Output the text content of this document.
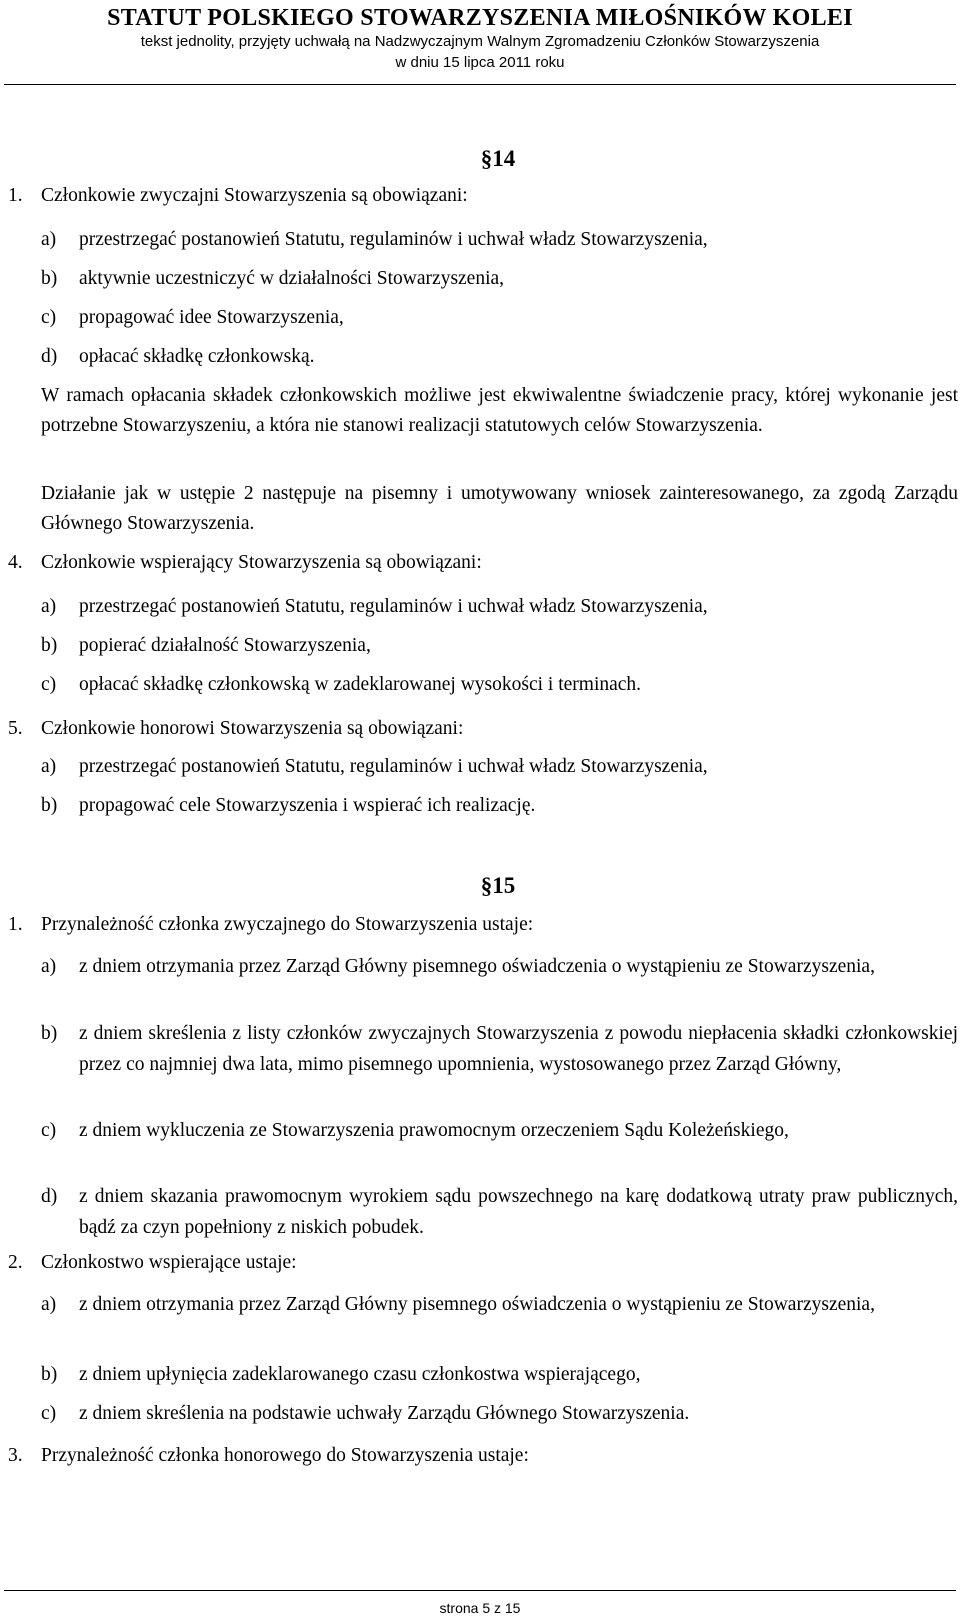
STATUT POLSKIEGO STOWARZYSZENIA MIŁOŚNIKÓW KOLEI
tekst jednolity, przyjęty uchwałą na Nadzwyczajnym Walnym Zgromadzeniu Członków Stowarzyszenia
w dniu 15 lipca 2011 roku
§14

1. Członkowie zwyczajni Stowarzyszenia są obowiązani:

a) przestrzegać postanowień Statutu, regulaminów i uchwał władz Stowarzyszenia,

b) aktywnie uczestniczyć w działalności Stowarzyszenia,

c) propagować idee Stowarzyszenia,

d) opłacać składkę członkowską.

W ramach opłacania składek członkowskich możliwe jest ekwiwalentne świadczenie pracy, której wykonanie jest potrzebne Stowarzyszeniu, a która nie stanowi realizacji statutowych celów Stowarzyszenia.

Działanie jak w ustępie 2 następuje na pisemny i umotywowany wniosek zainteresowanego, za zgodą Zarządu Głównego Stowarzyszenia.

4. Członkowie wspierający Stowarzyszenia są obowiązani:

a) przestrzegać postanowień Statutu, regulaminów i uchwał władz Stowarzyszenia,

b) popierać działalność Stowarzyszenia,

c) opłacać składkę członkowską w zadeklarowanej wysokości i terminach.

5. Członkowie honorowi Stowarzyszenia są obowiązani:

a) przestrzegać postanowień Statutu, regulaminów i uchwał władz Stowarzyszenia,

b) propagować cele Stowarzyszenia i wspierać ich realizację.

§15

1. Przynależność członka zwyczajnego do Stowarzyszenia ustaje:

a) z dniem otrzymania przez Zarząd Główny pisemnego oświadczenia o wystąpieniu ze Stowarzyszenia,

b) z dniem skreślenia z listy członków zwyczajnych Stowarzyszenia z powodu niepłacenia składki członkowskiej przez co najmniej dwa lata, mimo pisemnego upomnienia, wystosowanego przez Zarząd Główny,

c) z dniem wykluczenia ze Stowarzyszenia prawomocnym orzeczeniem Sądu Koleżeńskiego,

d) z dniem skazania prawomocnym wyrokiem sądu powszechnego na karę dodatkową utraty praw publicznych, bądź za czyn popełniony z niskich pobudek.

2. Członkostwo wspierające ustaje:

a) z dniem otrzymania przez Zarząd Główny pisemnego oświadczenia o wystąpieniu ze Stowarzyszenia,

b) z dniem upłynięcia zadeklarowanego czasu członkostwa wspierającego,

c) z dniem skreślenia na podstawie uchwały Zarządu Głównego Stowarzyszenia.

3. Przynależność członka honorowego do Stowarzyszenia ustaje:

strona 5 z 15
